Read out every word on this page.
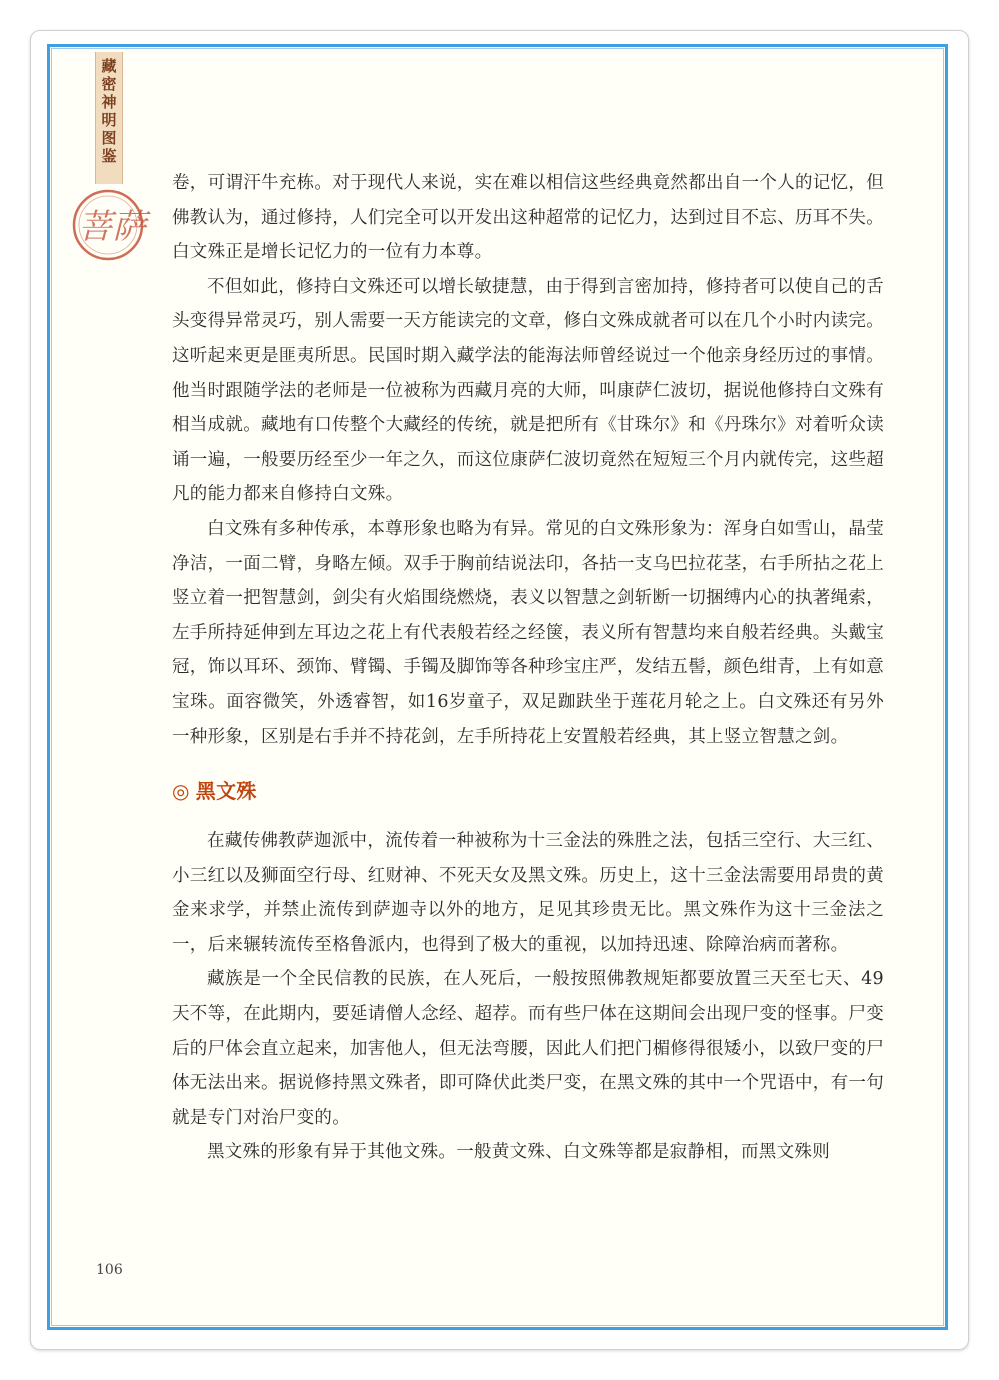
藏密神明图鉴
菩萨

卷，可谓汗牛充栋。对于现代人来说，实在难以相信这些经典竟然都出自一个人的记忆，但佛教认为，通过修持，人们完全可以开发出这种超常的记忆力，达到过目不忘、历耳不失。白文殊正是增长记忆力的一位有力本尊。

不但如此，修持白文殊还可以增长敏捷慧，由于得到言密加持，修持者可以使自己的舌头变得异常灵巧，别人需要一天方能读完的文章，修白文殊成就者可以在几个小时内读完。这听起来更是匪夷所思。民国时期入藏学法的能海法师曾经说过一个他亲身经历过的事情。他当时跟随学法的老师是一位被称为西藏月亮的大师，叫康萨仁波切，据说他修持白文殊有相当成就。藏地有口传整个大藏经的传统，就是把所有《甘珠尔》和《丹珠尔》对着听众读诵一遍，一般要历经至少一年之久，而这位康萨仁波切竟然在短短三个月内就传完，这些超凡的能力都来自修持白文殊。

白文殊有多种传承，本尊形象也略为有异。常见的白文殊形象为：浑身白如雪山，晶莹净洁，一面二臂，身略左倾。双手于胸前结说法印，各拈一支乌巴拉花茎，右手所拈之花上竖立着一把智慧剑，剑尖有火焰围绕燃烧，表义以智慧之剑斩断一切捆缚内心的执著绳索，左手所持延伸到左耳边之花上有代表般若经之经箧，表义所有智慧均来自般若经典。头戴宝冠，饰以耳环、颈饰、臂镯、手镯及脚饰等各种珍宝庄严，发结五髻，颜色绀青，上有如意宝珠。面容微笑，外透睿智，如16岁童子，双足跏趺坐于莲花月轮之上。白文殊还有另外一种形象，区别是右手并不持花剑，左手所持花上安置般若经典，其上竖立智慧之剑。

◎ 黑文殊

在藏传佛教萨迦派中，流传着一种被称为十三金法的殊胜之法，包括三空行、大三红、小三红以及狮面空行母、红财神、不死天女及黑文殊。历史上，这十三金法需要用昂贵的黄金来求学，并禁止流传到萨迦寺以外的地方，足见其珍贵无比。黑文殊作为这十三金法之一，后来辗转流传至格鲁派内，也得到了极大的重视，以加持迅速、除障治病而著称。

藏族是一个全民信教的民族，在人死后，一般按照佛教规矩都要放置三天至七天、49天不等，在此期内，要延请僧人念经、超荐。而有些尸体在这期间会出现尸变的怪事。尸变后的尸体会直立起来，加害他人，但无法弯腰，因此人们把门楣修得很矮小，以致尸变的尸体无法出来。据说修持黑文殊者，即可降伏此类尸变，在黑文殊的其中一个咒语中，有一句就是专门对治尸变的。

黑文殊的形象有异于其他文殊。一般黄文殊、白文殊等都是寂静相，而黑文殊则

106
